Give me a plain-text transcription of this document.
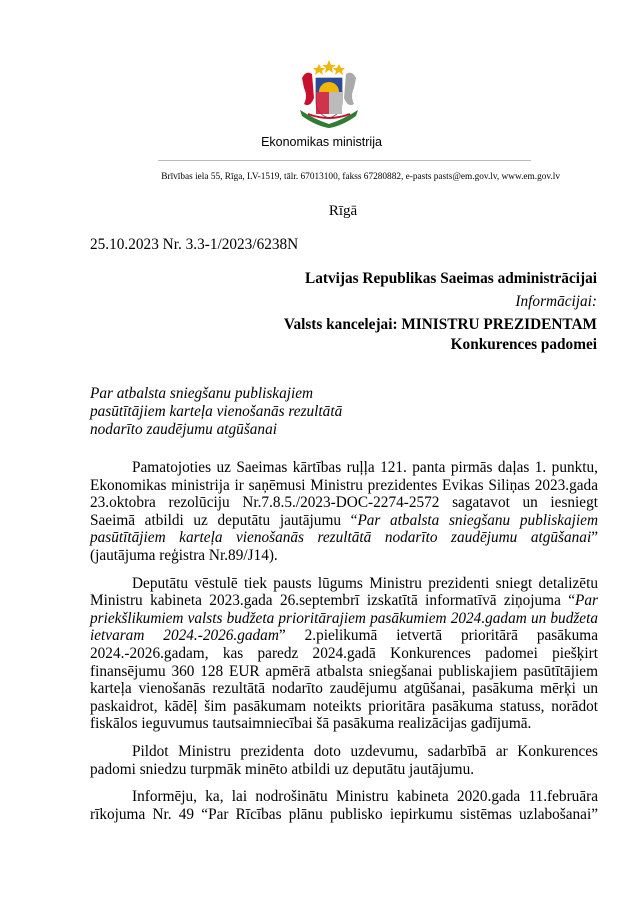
Ekonomikas ministrija
Brīvības iela 55, Rīga, LV-1519, tālr. 67013100, fakss 67280882, e-pasts pasts@em.gov.lv, www.em.gov.lv
Rīgā
25.10.2023 Nr. 3.3-1/2023/6238N
Latvijas Republikas Saeimas administrācijai
Informācijai:
Valsts kancelejai: MINISTRU PREZIDENTAM
Konkurences padomei
Par atbalsta sniegšanu publiskajiem pasūtītājiem karteļa vienošanās rezultātā nodarīto zaudējumu atgūšanai

Pamatojoties uz Saeimas kārtības ruļļa 121. panta pirmās daļas 1. punktu, Ekonomikas ministrija ir saņēmusi Ministru prezidentes Evikas Siliņas 2023.gada 23.oktobra rezolūciju Nr.7.8.5./2023-DOC-2274-2572 sagatavot un iesniegt Saeimā atbildi uz deputātu jautājumu “Par atbalsta sniegšanu publiskajiem pasūtītājiem karteļa vienošanās rezultātā nodarīto zaudējumu atgūšanai” (jautājuma reģistra Nr.89/J14).

Deputātu vēstulē tiek pausts lūgums Ministru prezidenti sniegt detalizētu Ministru kabineta 2023.gada 26.septembrī izskatītā informatīvā ziņojuma “Par priekšlikumiem valsts budžeta prioritārajiem pasākumiem 2024.gadam un budžeta ietvaram 2024.-2026.gadam” 2.pielikumā ietvertā prioritārā pasākuma 2024.-2026.gadam, kas paredz 2024.gadā Konkurences padomei piešķirt finansējumu 360 128 EUR apmērā atbalsta sniegšanai publiskajiem pasūtītājiem karteļa vienošanās rezultātā nodarīto zaudējumu atgūšanai, pasākuma mērķi un paskaidrot, kādēļ šim pasākumam noteikts prioritāra pasākuma statuss, norādot fiskālos ieguvumus tautsaimniecībai šā pasākuma realizācijas gadījumā.

Pildot Ministru prezidenta doto uzdevumu, sadarbībā ar Konkurences padomi sniedzu turpmāk minēto atbildi uz deputātu jautājumu.

Informēju, ka, lai nodrošinātu Ministru kabineta 2020.gada 11.februāra rīkojuma Nr. 49 “Par Rīcības plānu publisko iepirkumu sistēmas uzlabošanai”
